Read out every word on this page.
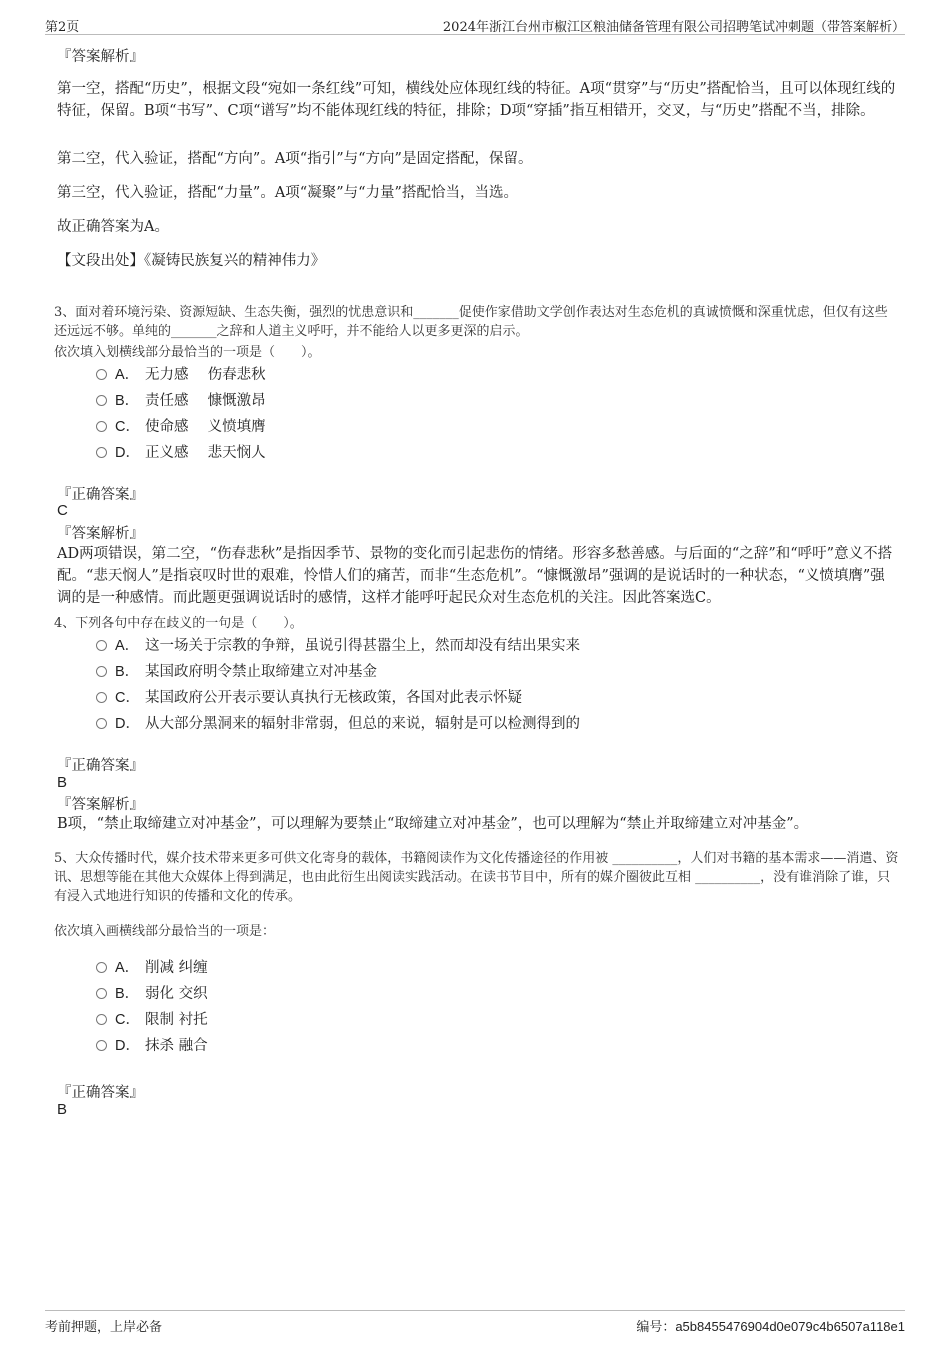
第2页	2024年浙江台州市椒江区粮油储备管理有限公司招聘笔试冲刺题（带答案解析）
『答案解析』
第一空，搭配“历史”，根据文段“宛如一条红线”可知，横线处应体现红线的特征。A项“贯穿”与“历史”搭配恰当，且可以体现红线的特征，保留。B项“书写”、C项“谱写”均不能体现红线的特征，排除；D项“穿插”指互相错开，交叉，与“历史”搭配不当，排除。
第二空，代入验证，搭配“方向”。A项“指引”与“方向”是固定搭配，保留。
第三空，代入验证，搭配“力量”。A项“凝聚”与“力量”搭配恰当，当选。
故正确答案为A。
【文段出处】《凝铸民族复兴的精神伟力》
3、面对着环境污染、资源短缺、生态失衡，强烈的忧患意识和_______促使作家借助文学创作表达对生态危机的真诚愤慨和深重忧虑，但仅有这些还远远不够。单纯的_______之辞和人道主义呼吁，并不能给人以更多更深的启示。
依次填入划横线部分最恰当的一项是（　　）。
A． 无力感　 伤春悲秋
B． 责任感　 慷慨激昂
C． 使命感　 义愤填膺
D． 正义感　 悲天悯人
『正确答案』
C
『答案解析』
AD两项错误，第二空，“伤春悲秋”是指因季节、景物的变化而引起悲伤的情绪。形容多愁善感。与后面的“之辞”和“呼吁”意义不搭配。“悲天悯人”是指哀叹时世的艰难，怜惜人们的痛苦，而非“生态危机”。“慷慨激昂”强调的是说话时的一种状态，“义愤填膺”强调的是一种感情。而此题更强调说话时的感情，这样才能呼吁起民众对生态危机的关注。因此答案选C。
4、下列各句中存在歧义的一句是（　　）。
A． 这一场关于宗教的争辩，虽说引得甚嚣尘上，然而却没有结出果实来
B． 某国政府明令禁止取缔建立对冲基金
C． 某国政府公开表示要认真执行无核政策，各国对此表示怀疑
D． 从大部分黑洞来的辐射非常弱，但总的来说，辐射是可以检测得到的
『正确答案』
B
『答案解析』
B项，“禁止取缔建立对冲基金”，可以理解为要禁止“取缔建立对冲基金”，也可以理解为“禁止并取缔建立对冲基金”。
5、大众传播时代，媒介技术带来更多可供文化寄身的载体，书籍阅读作为文化传播途径的作用被 __________，人们对书籍的基本需求——消遣、资讯、思想等能在其他大众媒体上得到满足，也由此衍生出阅读实践活动。在读书节目中，所有的媒介圈彼此互相 __________，没有谁消除了谁，只有浸入式地进行知识的传播和文化的传承。
依次填入画横线部分最恰当的一项是：
A． 削减 纠缠
B． 弱化 交织
C． 限制 衬托
D． 抹杀 融合
『正确答案』
B
考前押题，上岸必备	编号：a5b8455476904d0e079c4b6507a118e1
